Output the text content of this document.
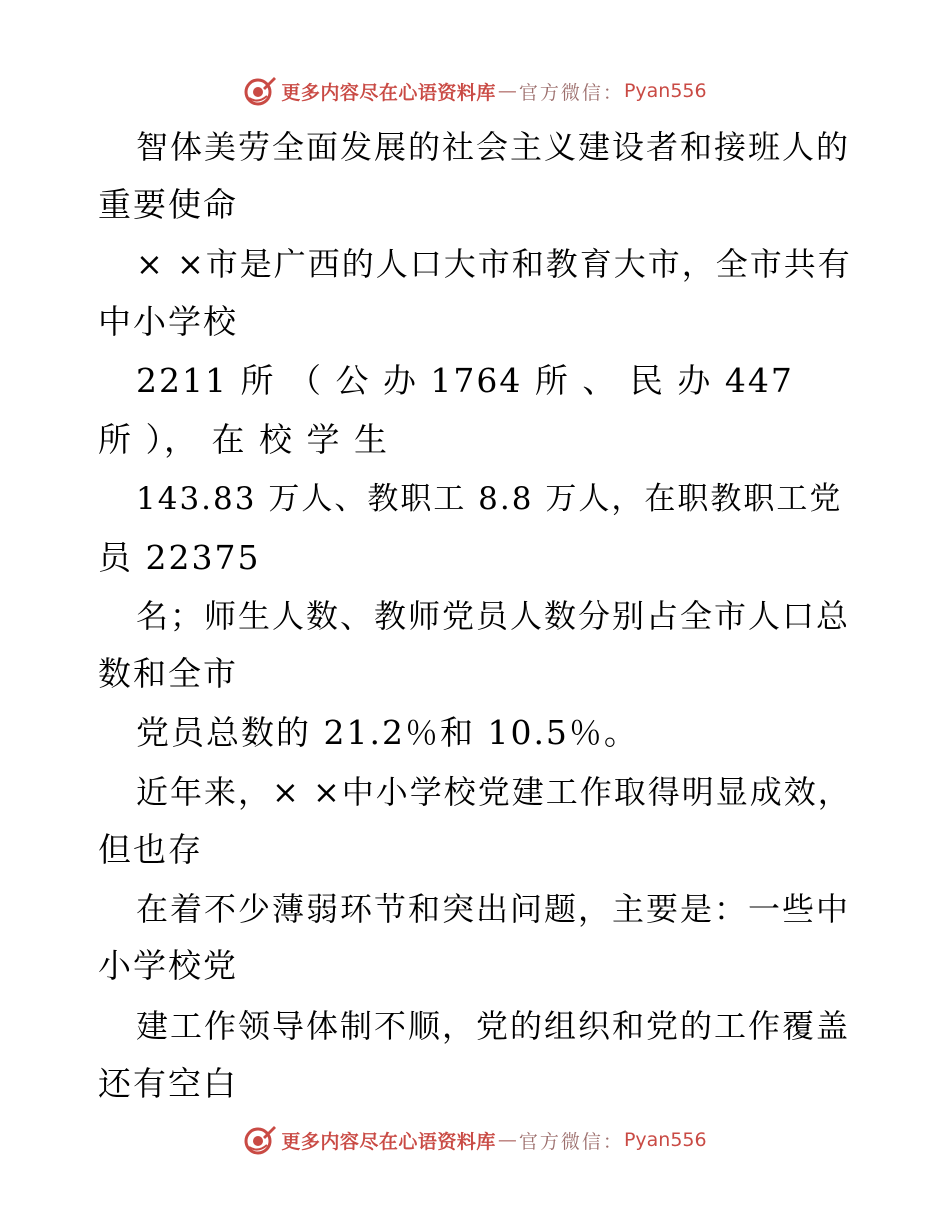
更多内容尽在心语资料库 — 官方微信： Pyan556
智体美劳全面发展的社会主义建设者和接班人的
重要使命
× ×市是广西的人口大市和教育大市，全市共有
中小学校
2211 所 （ 公 办 1764 所 、 民 办 447
所 ）， 在 校 学 生
143.83 万人、教职工 8.8 万人，在职教职工党
员 22375
名；师生人数、教师党员人数分别占全市人口总
数和全市
党员总数的 21.2％和 10.5％。
近年来，× ×中小学校党建工作取得明显成效，
但也存
在着不少薄弱环节和突出问题，主要是：一些中
小学校党
建工作领导体制不顺，党的组织和党的工作覆盖
还有空白
更多内容尽在心语资料库 — 官方微信： Pyan556
